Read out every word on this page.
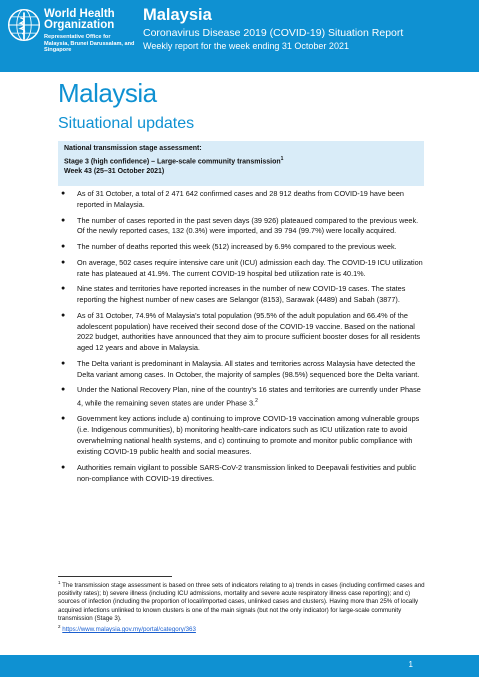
World Health
Organization
Representative Office for Malaysia, Brunei Darussalam, and Singapore
Malaysia
Coronavirus Disease 2019 (COVID-19) Situation Report
Weekly report for the week ending 31 October 2021
Malaysia
Situational updates
National transmission stage assessment:
Stage 3 (high confidence) – Large-scale community transmission$^1$
Week 43 (25–31 October 2021)
● As of 31 October, a total of 2 471 642 confirmed cases and 28 912 deaths from COVID-19 have been reported in Malaysia.
● The number of cases reported in the past seven days (39 926) plateaued compared to the previous week. Of the newly reported cases, 132 (0.3%) were imported, and 39 794 (99.7%) were locally acquired.
● The number of deaths reported this week (512) increased by 6.9% compared to the previous week.
● On average, 502 cases require intensive care unit (ICU) admission each day. The COVID-19 ICU utilization rate has plateaued at 41.9%. The current COVID-19 hospital bed utilization rate is 40.1%.
● Nine states and territories have reported increases in the number of new COVID-19 cases. The states reporting the highest number of new cases are Selangor (8153), Sarawak (4489) and Sabah (3877).
● As of 31 October, 74.9% of Malaysia’s total population (95.5% of the adult population and 66.4% of the adolescent population) have received their second dose of the COVID-19 vaccine. Based on the national 2022 budget, authorities have announced that they aim to procure sufficient booster doses for all residents aged 12 years and above in Malaysia.
● The Delta variant is predominant in Malaysia. All states and territories across Malaysia have detected the Delta variant among cases. In October, the majority of samples (98.5%) sequenced bore the Delta variant.
● Under the National Recovery Plan, nine of the country’s 16 states and territories are currently under Phase 4, while the remaining seven states are under Phase 3.$^2$
● Government key actions include a) continuing to improve COVID-19 vaccination among vulnerable groups (i.e. Indigenous communities), b) monitoring health-care indicators such as ICU utilization rate to avoid overwhelming national health systems, and c) continuing to promote and monitor public compliance with existing COVID-19 public health and social measures.
● Authorities remain vigilant to possible SARS-CoV-2 transmission linked to Deepavali festivities and public non-compliance with COVID-19 directives.
$^1$ The transmission stage assessment is based on three sets of indicators relating to a) trends in cases (including confirmed cases and positivity rates); b) severe illness (including ICU admissions, mortality and severe acute respiratory illness case reporting); and c) sources of infection (including the proportion of local/imported cases, unlinked cases and clusters). Having more than 25% of locally acquired infections unlinked to known clusters is one of the main signals (but not the only indicator) for large-scale community transmission (Stage 3).
$^2$ https://www.malaysia.gov.my/portal/category/363
1
